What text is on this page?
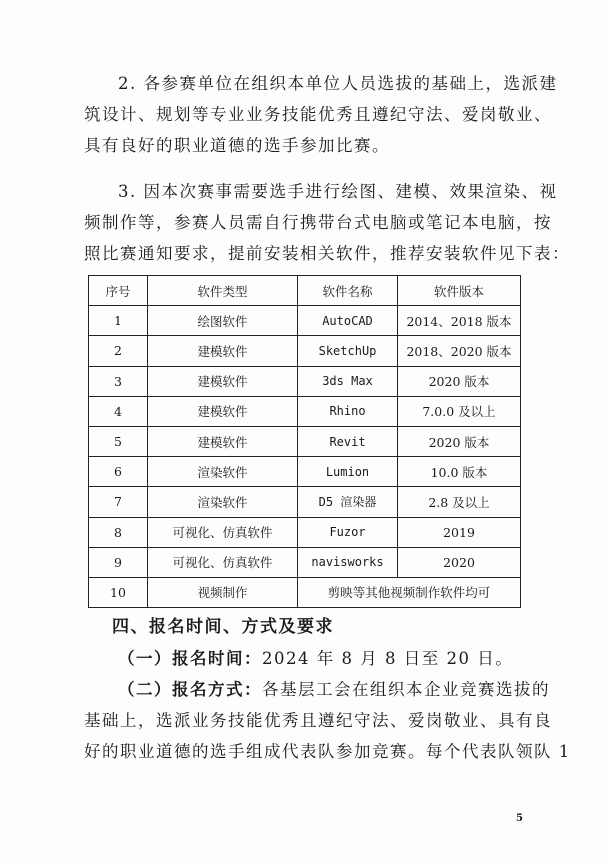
2. 各参赛单位在组织本单位人员选拔的基础上，选派建
筑设计、规划等专业业务技能优秀且遵纪守法、爱岗敬业、
具有良好的职业道德的选手参加比赛。
3. 因本次赛事需要选手进行绘图、建模、效果渲染、视
频制作等，参赛人员需自行携带台式电脑或笔记本电脑，按
照比赛通知要求，提前安装相关软件，推荐安装软件见下表：
序号	软件类型	软件名称	软件版本
1	绘图软件	AutoCAD	2014、2018 版本
2	建模软件	SketchUp	2018、2020 版本
3	建模软件	3ds Max	2020 版本
4	建模软件	Rhino	7.0.0 及以上
5	建模软件	Revit	2020 版本
6	渲染软件	Lumion	10.0 版本
7	渲染软件	D5 渲染器	2.8 及以上
8	可视化、仿真软件	Fuzor	2019
9	可视化、仿真软件	navisworks	2020
10	视频制作	剪映等其他视频制作软件均可	
四、报名时间、方式及要求
（一）报名时间：2024 年 8 月 8 日至 20 日。
（二）报名方式：各基层工会在组织本企业竞赛选拔的
基础上，选派业务技能优秀且遵纪守法、爱岗敬业、具有良
好的职业道德的选手组成代表队参加竞赛。每个代表队领队 1
5
